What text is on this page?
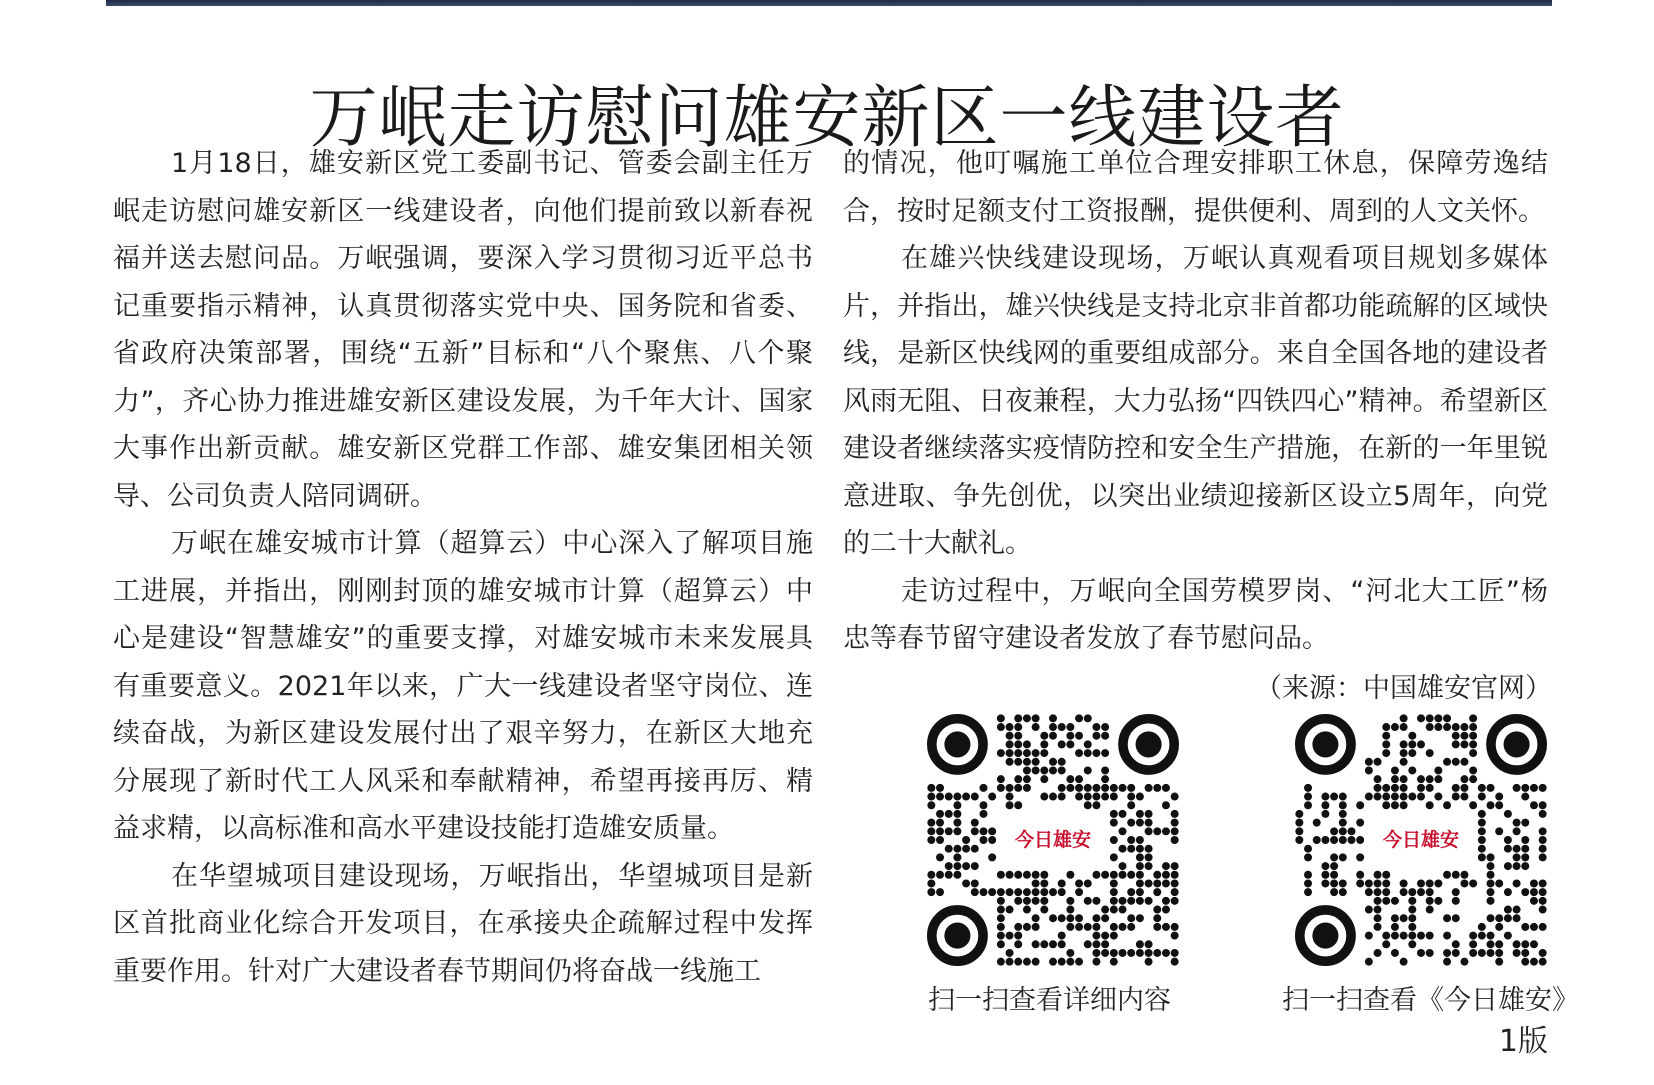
万岷走访慰问雄安新区一线建设者

1月18日，雄安新区党工委副书记、管委会副主任万岷走访慰问雄安新区一线建设者，向他们提前致以新春祝福并送去慰问品。万岷强调，要深入学习贯彻习近平总书记重要指示精神，认真贯彻落实党中央、国务院和省委、省政府决策部署，围绕“五新”目标和“八个聚焦、八个聚力”，齐心协力推进雄安新区建设发展，为千年大计、国家大事作出新贡献。雄安新区党群工作部、雄安集团相关领导、公司负责人陪同调研。

万岷在雄安城市计算（超算云）中心深入了解项目施工进展，并指出，刚刚封顶的雄安城市计算（超算云）中心是建设“智慧雄安”的重要支撑，对雄安城市未来发展具有重要意义。2021年以来，广大一线建设者坚守岗位、连续奋战，为新区建设发展付出了艰辛努力，在新区大地充分展现了新时代工人风采和奉献精神，希望再接再厉、精益求精，以高标准和高水平建设技能打造雄安质量。

在华望城项目建设现场，万岷指出，华望城项目是新区首批商业化综合开发项目，在承接央企疏解过程中发挥重要作用。针对广大建设者春节期间仍将奋战一线施工

的情况，他叮嘱施工单位合理安排职工休息，保障劳逸结合，按时足额支付工资报酬，提供便利、周到的人文关怀。

在雄兴快线建设现场，万岷认真观看项目规划多媒体片，并指出，雄兴快线是支持北京非首都功能疏解的区域快线，是新区快线网的重要组成部分。来自全国各地的建设者风雨无阻、日夜兼程，大力弘扬“四铁四心”精神。希望新区建设者继续落实疫情防控和安全生产措施，在新的一年里锐意进取、争先创优，以突出业绩迎接新区设立5周年，向党的二十大献礼。

走访过程中，万岷向全国劳模罗岗、“河北大工匠”杨忠等春节留守建设者发放了春节慰问品。

（来源：中国雄安官网）
今日雄安
扫一扫查看详细内容
今日雄安
扫一扫查看《今日雄安》
1版
